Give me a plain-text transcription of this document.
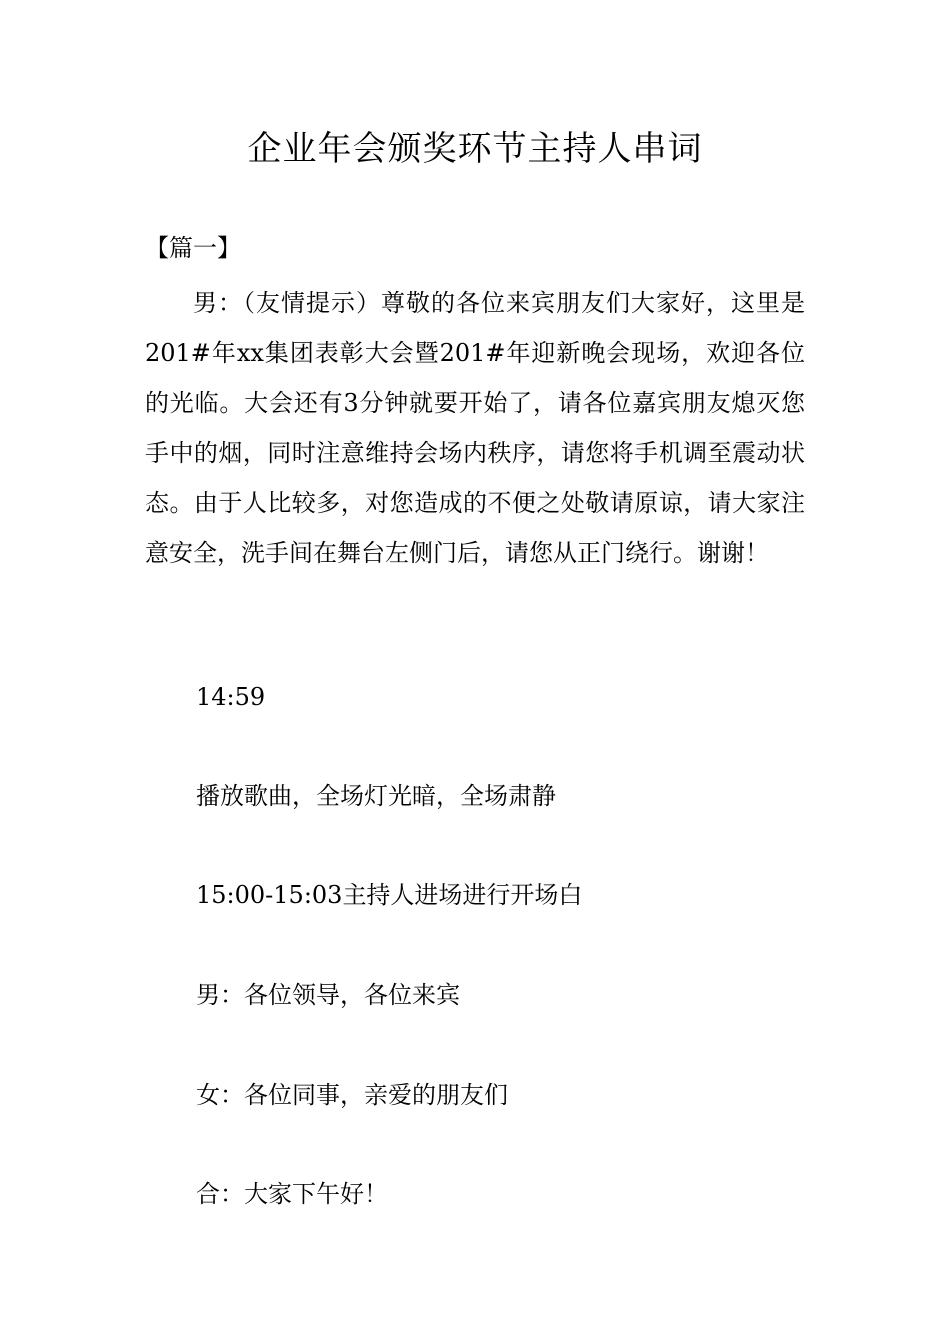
企业年会颁奖环节主持人串词
【篇一】

男：（友情提示）尊敬的各位来宾朋友们大家好，这里是201#年xx集团表彰大会暨201#年迎新晚会现场，欢迎各位的光临。大会还有3分钟就要开始了，请各位嘉宾朋友熄灭您手中的烟，同时注意维持会场内秩序，请您将手机调至震动状态。由于人比较多，对您造成的不便之处敬请原谅，请大家注意安全，洗手间在舞台左侧门后，请您从正门绕行。谢谢！

14:59
播放歌曲，全场灯光暗，全场肃静
15:00-15:03主持人进场进行开场白
男：各位领导，各位来宾
女：各位同事，亲爱的朋友们
合：大家下午好！
